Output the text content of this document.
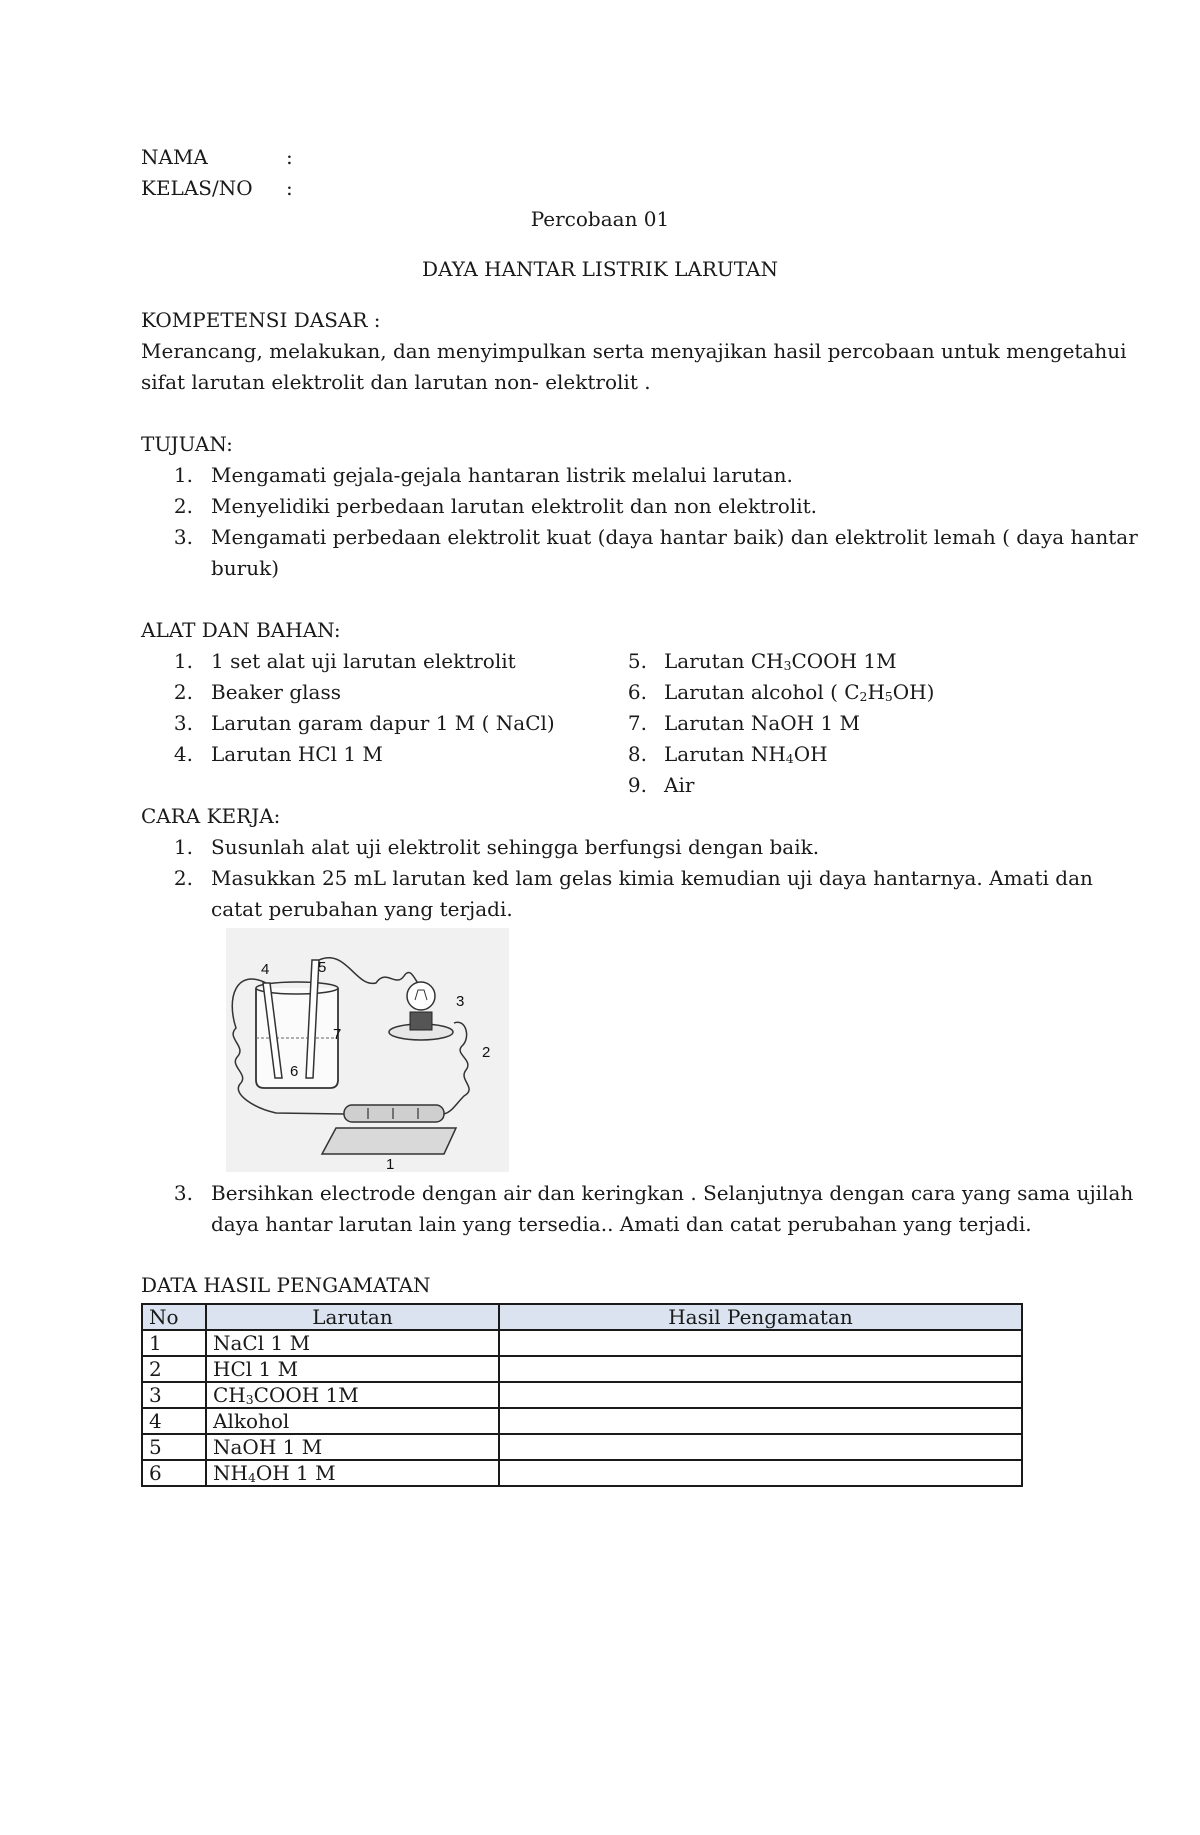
NAMA	:
KELAS/NO :
Percobaan 01
DAYA HANTAR LISTRIK LARUTAN
KOMPETENSI DASAR :
Merancang, melakukan, dan menyimpulkan serta menyajikan hasil percobaan untuk mengetahui
sifat larutan elektrolit dan larutan non- elektrolit .
TUJUAN:
1. Mengamati gejala-gejala hantaran listrik melalui larutan.
2. Menyelidiki perbedaan larutan elektrolit dan non elektrolit.
3. Mengamati perbedaan elektrolit kuat (daya hantar baik) dan elektrolit lemah ( daya hantar
buruk)
ALAT DAN BAHAN:
1. 1 set alat uji larutan elektrolit
2. Beaker glass
3. Larutan garam dapur 1 M ( NaCl)
4. Larutan HCl 1 M
5. Larutan $CH_3COOH$ 1M
6. Larutan alcohol ( $C_2H_5OH$)
7. Larutan NaOH 1 M
8. Larutan $NH_4OH$
9. Air
CARA KERJA:
1. Susunlah alat uji elektrolit sehingga berfungsi dengan baik.
2. Masukkan 25 mL larutan ked lam gelas kimia kemudian uji daya hantarnya. Amati dan
catat perubahan yang terjadi.
1
2
3
4	5
6
7
3. Bersihkan electrode dengan air dan keringkan . Selanjutnya dengan cara yang sama ujilah
daya hantar larutan lain yang tersedia.. Amati dan catat perubahan yang terjadi.
DATA HASIL PENGAMATAN
No	Larutan	Hasil Pengamatan
1	NaCl 1 M	
2	HCl 1 M	
3	$CH_3COOH$ 1M	
4	Alkohol	
5	NaOH 1 M	
6	$NH_4OH$ 1 M	
